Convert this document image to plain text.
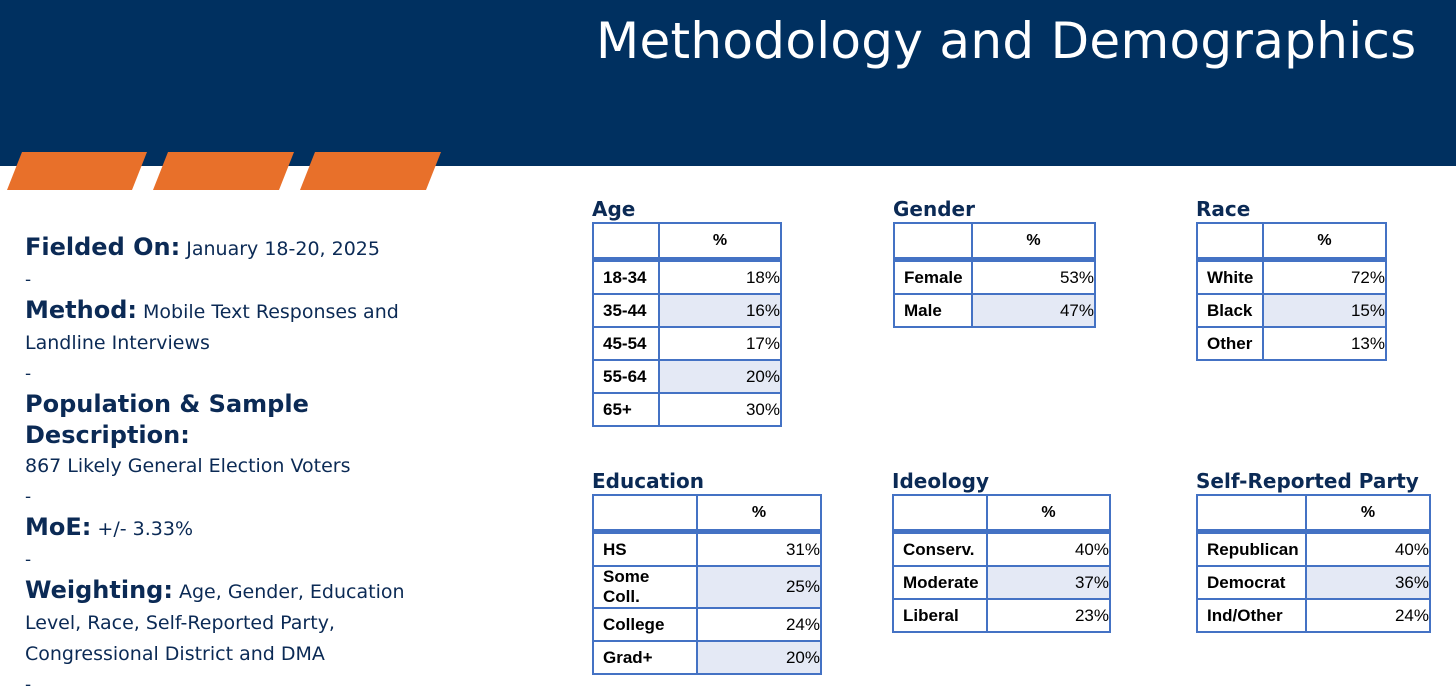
Methodology and Demographics
Fielded On: January 18-20, 2025
-
Method: Mobile Text Responses and Landline Interviews
-
Population & Sample Description:
867 Likely General Election Voters
-
MoE: +/- 3.33%
-
Weighting: Age, Gender, Education Level, Race, Self-Reported Party, Congressional District and DMA
-
Age
	%
18-34	18%
35-44	16%
45-54	17%
55-64	20%
65+	30%
Gender
	%
Female	53%
Male	47%
Race
	%
White	72%
Black	15%
Other	13%
Education
	%
HS	31%
Some Coll.	25%
College	24%
Grad+	20%
Ideology
	%
Conserv.	40%
Moderate	37%
Liberal	23%
Self-Reported Party
	%
Republican	40%
Democrat	36%
Ind/Other	24%
